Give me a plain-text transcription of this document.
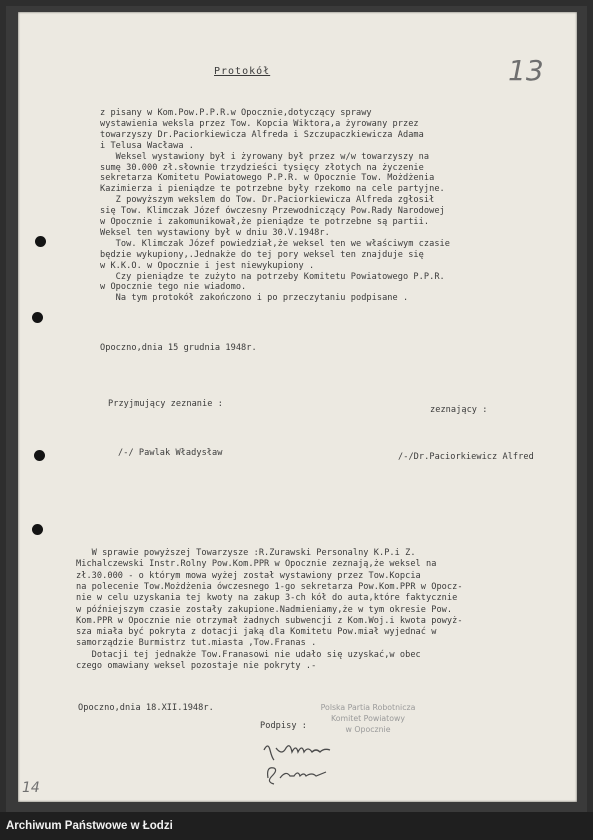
Protokół	13
z pisany w Kom.Pow.P.P.R.w Opocznie,dotyczący sprawy
wystawienia weksla przez Tow. Kopcia Wiktora,a żyrowany przez
towarzyszy Dr.Paciorkiewicza Alfreda i Szczupaczkiewicza Adama
i Telusa Wacława .
Weksel wystawiony był i żyrowany był przez w/w towarzyszy na
sumę 30.000 zł.słownie trzydzieści tysięcy złotych na życzenie
sekretarza Komitetu Powiatowego P.P.R. w Opocznie Tow. Możdżenia
Kazimierza i pieniądze te potrzebne były rzekomo na cele partyjne.
Z powyższym wekslem do Tow. Dr.Paciorkiewicza Alfreda zgłosił
się Tow. Klimczak Józef ówczesny Przewodniczący Pow.Rady Narodowej
w Opocznie i zakomunikował,że pieniądze te potrzebne są partii.
Weksel ten wystawiony był w dniu 30.V.1948r.
Tow. Klimczak Józef powiedział,że weksel ten we właściwym czasie
będzie wykupiony,.Jednakże do tej pory weksel ten znajduje się
w K.K.O. w Opocznie i jest niewykupiony .
Czy pieniądze te zużyto na potrzeby Komitetu Powiatowego P.P.R.
w Opocznie tego nie wiadomo.
Na tym protokół zakończono i po przeczytaniu podpisane .
Opoczno,dnia 15 grudnia 1948r.
Przyjmujący zeznanie :
zeznający :
/-/ Pawlak Władysław	/-/Dr.Paciorkiewicz Alfred
W sprawie powyższej Towarzysze :R.Zurawski Personalny K.P.i Z.
Michalczewski Instr.Rolny Pow.Kom.PPR w Opocznie zeznają,że weksel na
zł.30.000 - o którym mowa wyżej został wystawiony przez Tow.Kopcia
na polecenie Tow.Możdżenia ówczesnego 1-go sekretarza Pow.Kom.PPR w Opocz-
nie w celu uzyskania tej kwoty na zakup 3-ch kół do auta,które faktycznie
w późniejszym czasie zostały zakupione.Nadmieniamy,że w tym okresie Pow.
Kom.PPR w Opocznie nie otrzymał żadnych subwencji z Kom.Woj.i kwota powyż-
sza miała być pokryta z dotacji jaką dla Komitetu Pow.miał wyjednać w
samorządzie Burmistrz tut.miasta ,Tow.Franas .
Dotacji tej jednakże Tow.Franasowi nie udało się uzyskać,w obec
czego omawiany weksel pozostaje nie pokryty .-
Opoczno,dnia 18.XII.1948r.
Podpisy :
Polska Partia Robotnicza
Komitet Powiatowy
w Opocznie
14
Archiwum Państwowe w Łodzi
